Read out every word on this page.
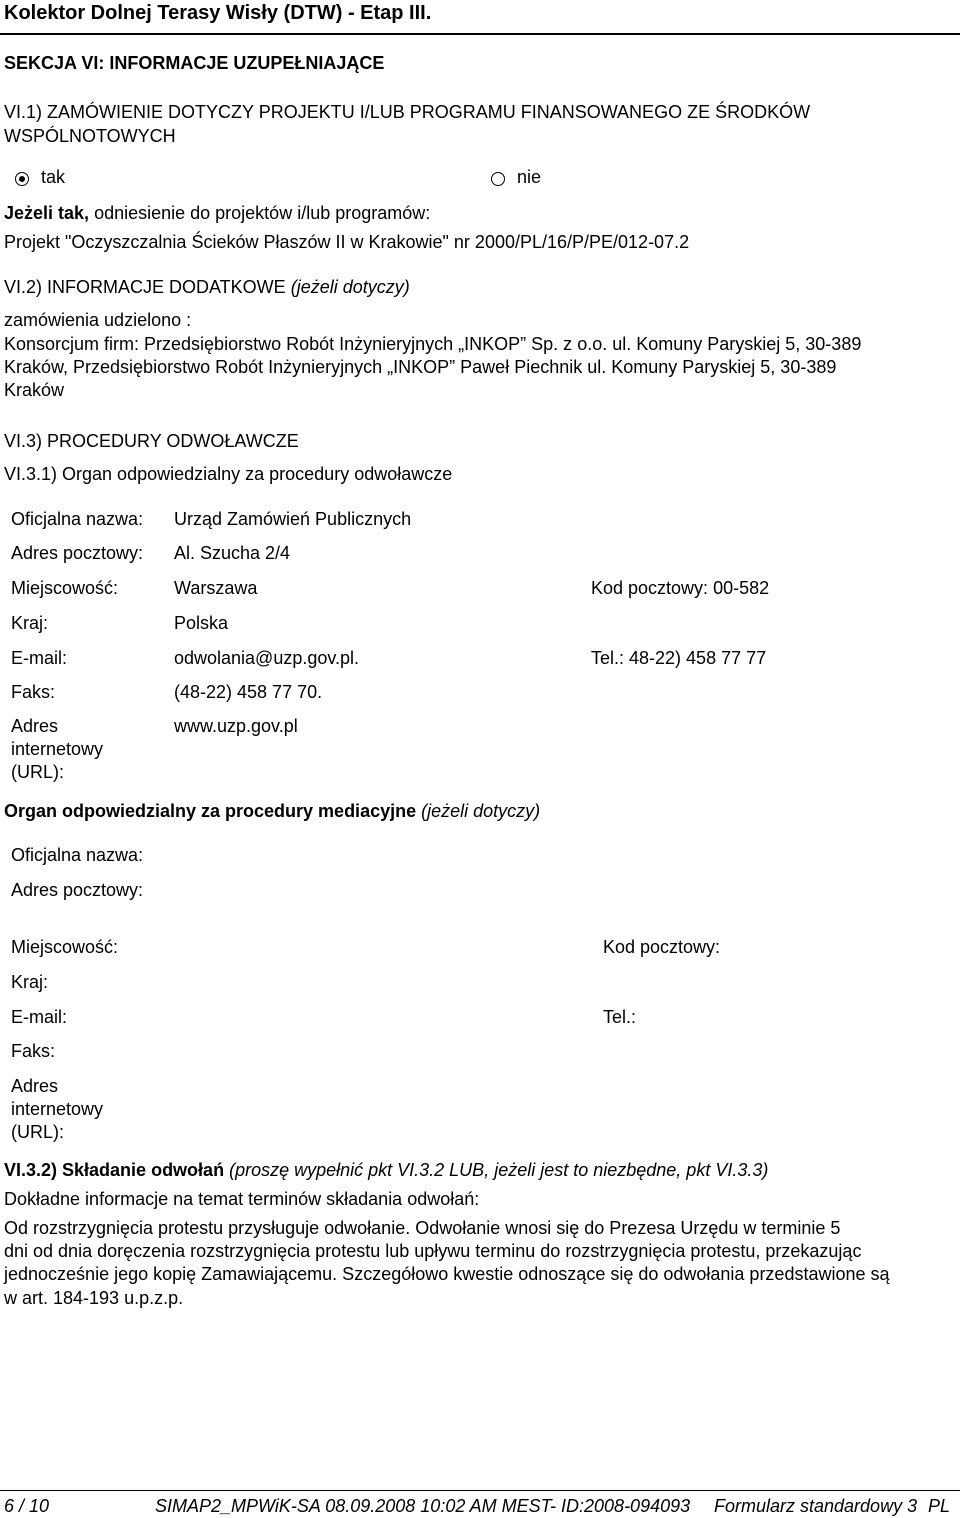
Kolektor Dolnej Terasy Wisły (DTW) - Etap III.
SEKCJA VI: INFORMACJE UZUPEŁNIAJĄCE
VI.1) ZAMÓWIENIE DOTYCZY PROJEKTU I/LUB PROGRAMU FINANSOWANEGO ZE ŚRODKÓW
WSPÓLNOTOWYCH
tak	nie
Jeżeli tak, odniesienie do projektów i/lub programów:
Projekt "Oczyszczalnia Ścieków Płaszów II w Krakowie" nr 2000/PL/16/P/PE/012-07.2
VI.2) INFORMACJE DODATKOWE (jeżeli dotyczy)
zamówienia udzielono :
Konsorcjum firm: Przedsiębiorstwo Robót Inżynieryjnych „INKOP” Sp. z o.o. ul. Komuny Paryskiej 5, 30-389
Kraków, Przedsiębiorstwo Robót Inżynieryjnych „INKOP” Paweł Piechnik ul. Komuny Paryskiej 5, 30-389
Kraków
VI.3) PROCEDURY ODWOŁAWCZE
VI.3.1) Organ odpowiedzialny za procedury odwoławcze
Oficjalna nazwa: Urząd Zamówień Publicznych
Adres pocztowy: Al. Szucha 2/4
Miejscowość:	Warszawa	Kod pocztowy: 00-582
Kraj:	Polska
E-mail:	odwolania@uzp.gov.pl.	Tel.: 48-22) 458 77 77
Faks:	(48-22) 458 77 70.
Adres
internetowy
(URL):
www.uzp.gov.pl
Organ odpowiedzialny za procedury mediacyjne (jeżeli dotyczy)
Oficjalna nazwa:
Adres pocztowy:
Miejscowość:	Kod pocztowy:
Kraj:
E-mail:	Tel.:
Faks:
Adres
internetowy
(URL):
VI.3.2) Składanie odwołań (proszę wypełnić pkt VI.3.2 LUB, jeżeli jest to niezbędne, pkt VI.3.3)
Dokładne informacje na temat terminów składania odwołań:
Od rozstrzygnięcia protestu przysługuje odwołanie. Odwołanie wnosi się do Prezesa Urzędu w terminie 5
dni od dnia doręczenia rozstrzygnięcia protestu lub upływu terminu do rozstrzygnięcia protestu, przekazując
jednocześnie jego kopię Zamawiającemu. Szczegółowo kwestie odnoszące się do odwołania przedstawione są
w art. 184-193 u.p.z.p.
6 / 10	SIMAP2_MPWiK-SA 08.09.2008 10:02 AM MEST- ID:2008-094093 Formularz standardowy 3 PL
